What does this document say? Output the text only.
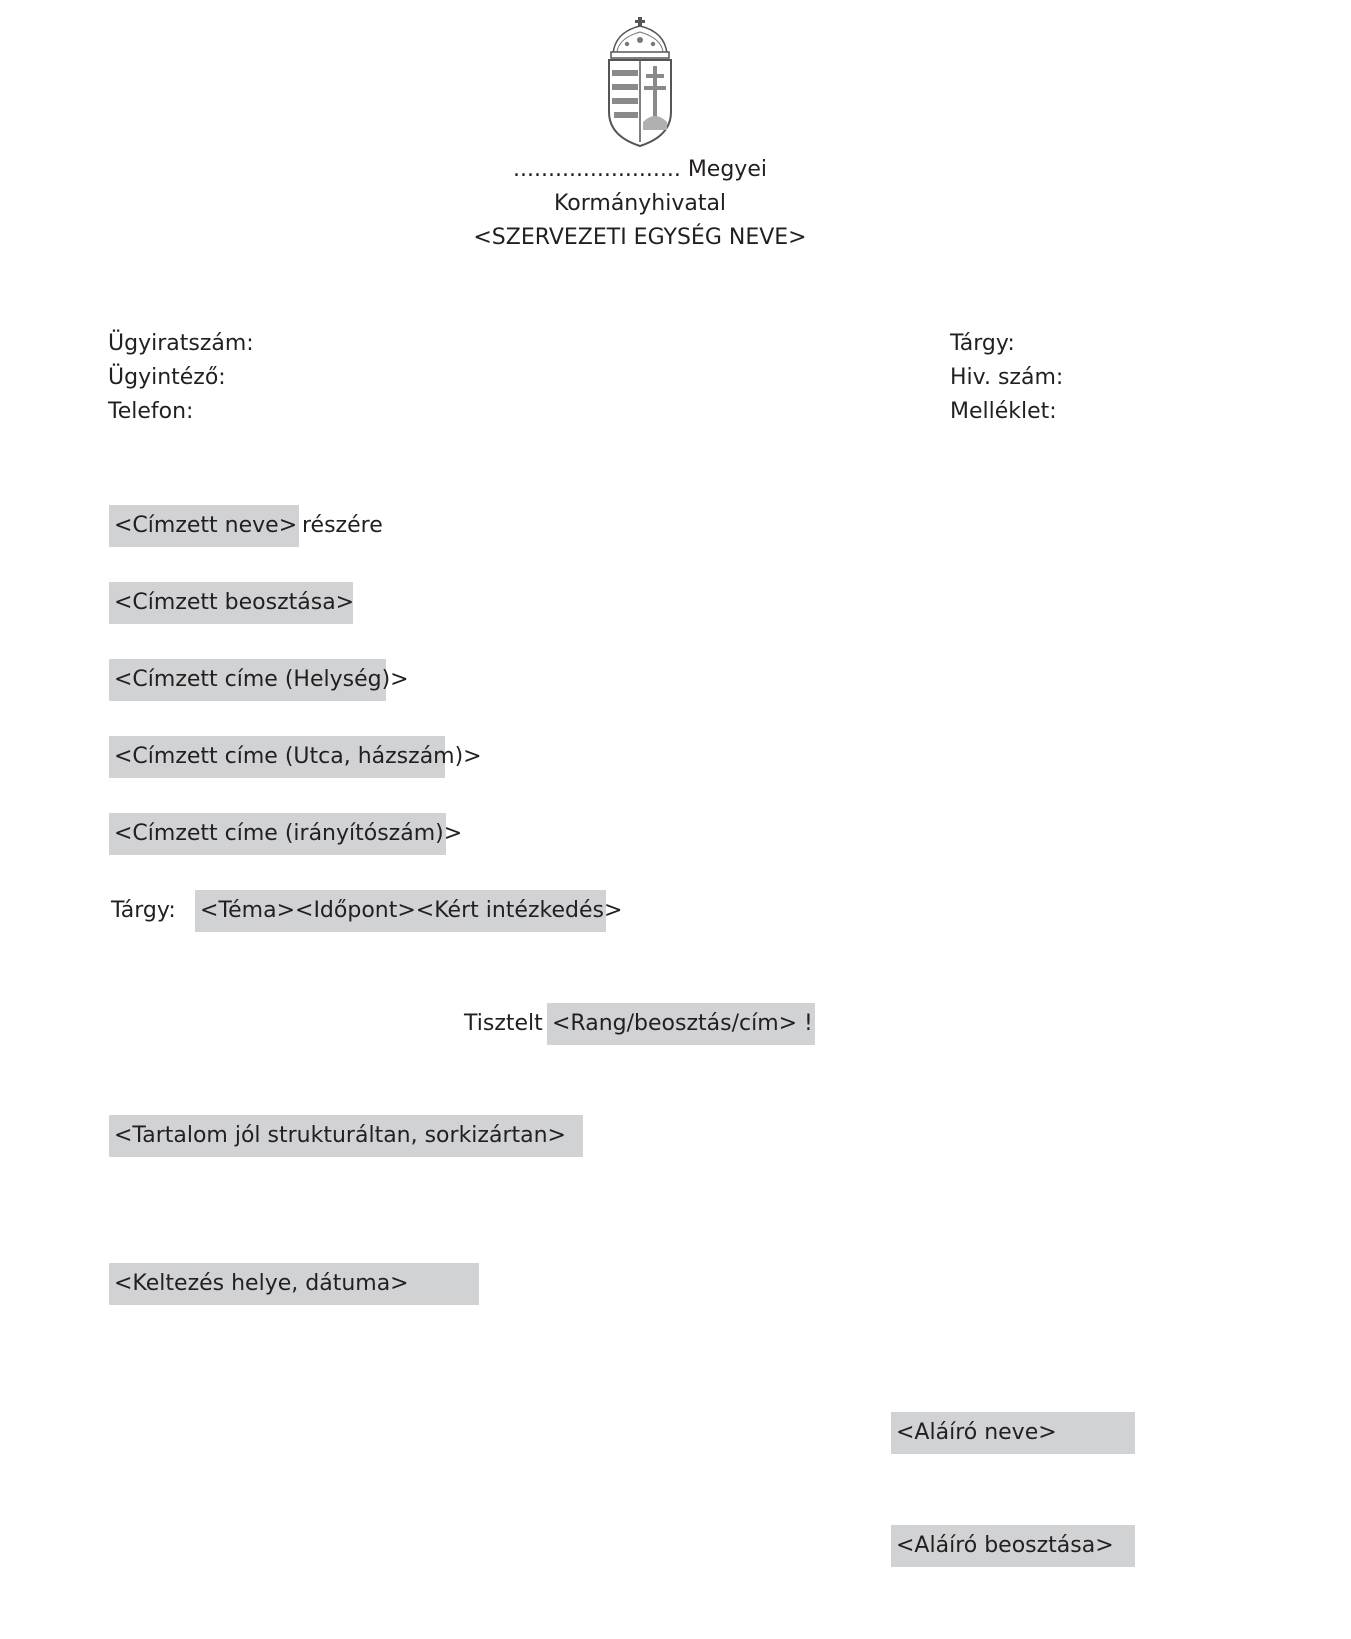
........................ Megyei
Kormányhivatal
<SZERVEZETI EGYSÉG NEVE>
Ügyiratszám:
Ügyintéző:
Telefon:
Tárgy:
Hiv. szám:
Melléklet:
<Címzett neve> részére
<Címzett beosztása>
<Címzett címe (Helység)>
<Címzett címe (Utca, házszám)>
<Címzett címe (irányítószám)>
Tárgy: <Téma><Időpont><Kért intézkedés>
Tisztelt <Rang/beosztás/cím> !
<Tartalom jól strukturáltan, sorkizártan>
<Keltezés helye, dátuma>
<Aláíró neve>
<Aláíró beosztása>
